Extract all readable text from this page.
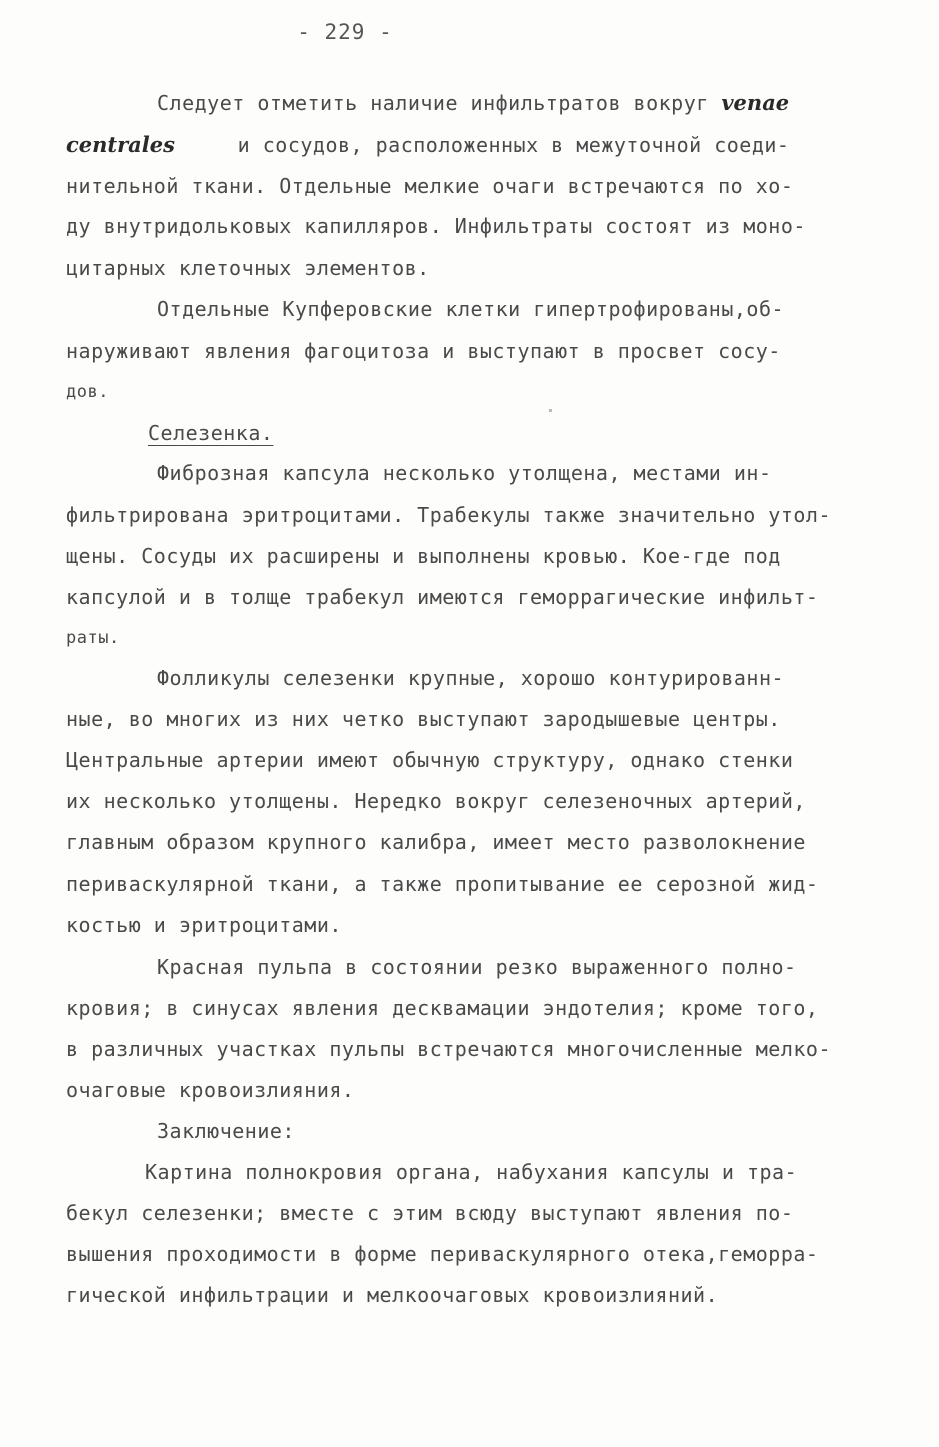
- 229 -
Следует отметить наличие инфильтратов вокруг venae
centrales     и сосудов, расположенных в межуточной соеди-
нительной ткани. Отдельные мелкие очаги встречаются по хо-
ду внутридольковых капилляров. Инфильтраты состоят из моно-
цитарных клеточных элементов.
Отдельные Купферовские клетки гипертрофированы,об-
наруживают явления фагоцитоза и выступают в просвет сосу-
дов.
Селезенка.
Фиброзная капсула несколько утолщена, местами ин-
фильтрирована эритроцитами. Трабекулы также значительно утол-
щены. Сосуды их расширены и выполнены кровью. Кое-где под
капсулой и в толще трабекул имеются геморрагические инфильт-
раты.
Фолликулы селезенки крупные, хорошо контурированн-
ные, во многих из них четко выступают зародышевые центры.
Центральные артерии имеют обычную структуру, однако стенки
их несколько утолщены. Нередко вокруг селезеночных артерий,
главным образом крупного калибра, имеет место разволокнение
периваскулярной ткани, а также пропитывание ее серозной жид-
костью и эритроцитами.
Красная пульпа в состоянии резко выраженного полно-
кровия; в синусах явления десквамации эндотелия; кроме того,
в различных участках пульпы встречаются многочисленные мелко-
очаговые кровоизлияния.
Заключение:
Картина полнокровия органа, набухания капсулы и тра-
бекул селезенки; вместе с этим всюду выступают явления по-
вышения проходимости в форме периваскулярного отека,геморра-
гической инфильтрации и мелкоочаговых кровоизлияний.
